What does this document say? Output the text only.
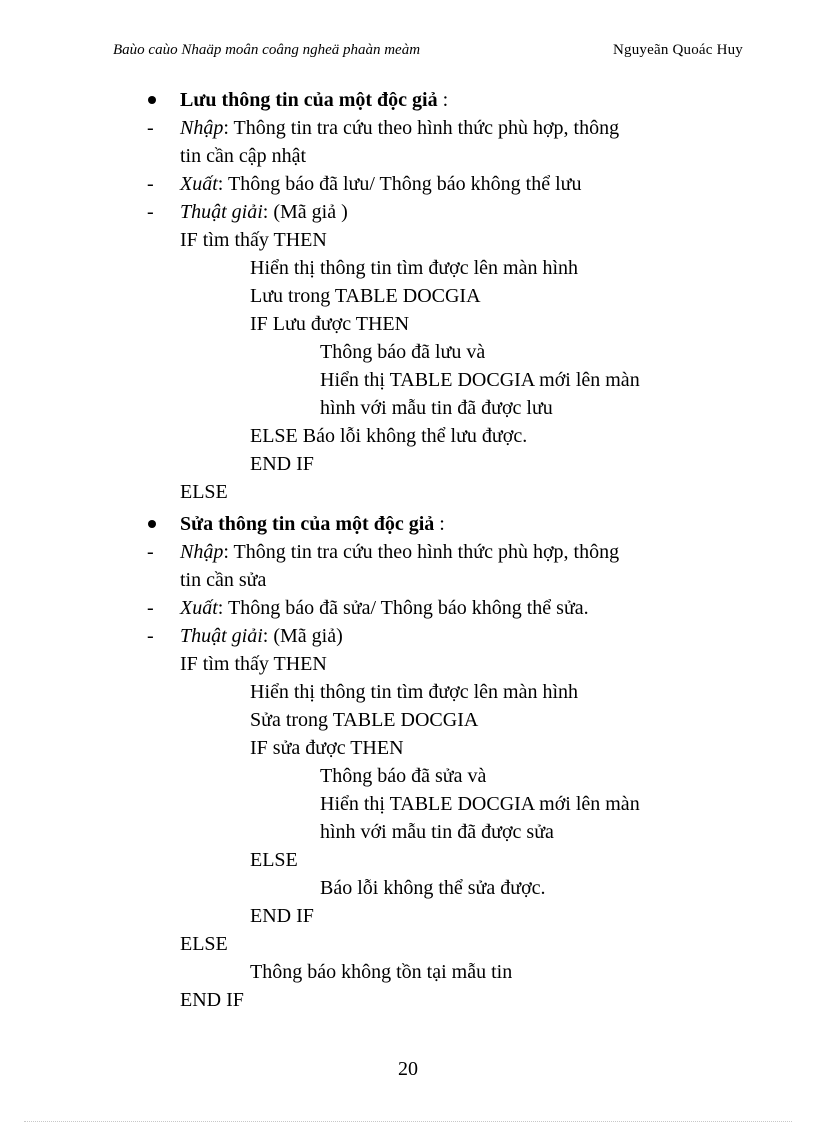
Baùo caùo Nhaäp moân coâng ngheä phaàn meàm	Nguyeãn Quoác Huy
Lưu thông tin của một độc giả :
- Nhập: Thông tin tra cứu theo hình thức phù hợp, thông
tin cần cập nhật
- Xuất: Thông báo đã lưu/ Thông báo không thể lưu
- Thuật giải: (Mã giả )
IF tìm thấy THEN
Hiển thị thông tin tìm được lên màn hình
Lưu trong TABLE DOCGIA
IF Lưu được THEN
Thông báo đã lưu và
Hiển thị TABLE DOCGIA mới lên màn
hình với mẫu tin đã được lưu
ELSE Báo lỗi không thể lưu được.
END IF
ELSE
Sửa thông tin của một độc giả :
- Nhập: Thông tin tra cứu theo hình thức phù hợp, thông
tin cần sửa
- Xuất: Thông báo đã sửa/ Thông báo không thể sửa.
- Thuật giải: (Mã giả)
IF tìm thấy THEN
Hiển thị thông tin tìm được lên màn hình
Sửa trong TABLE DOCGIA
IF sửa được THEN
Thông báo đã sửa và
Hiển thị TABLE DOCGIA mới lên màn
hình với mẫu tin đã được sửa
ELSE
Báo lỗi không thể sửa được.
END IF
ELSE
Thông báo không tồn tại mẫu tin
END IF
20
